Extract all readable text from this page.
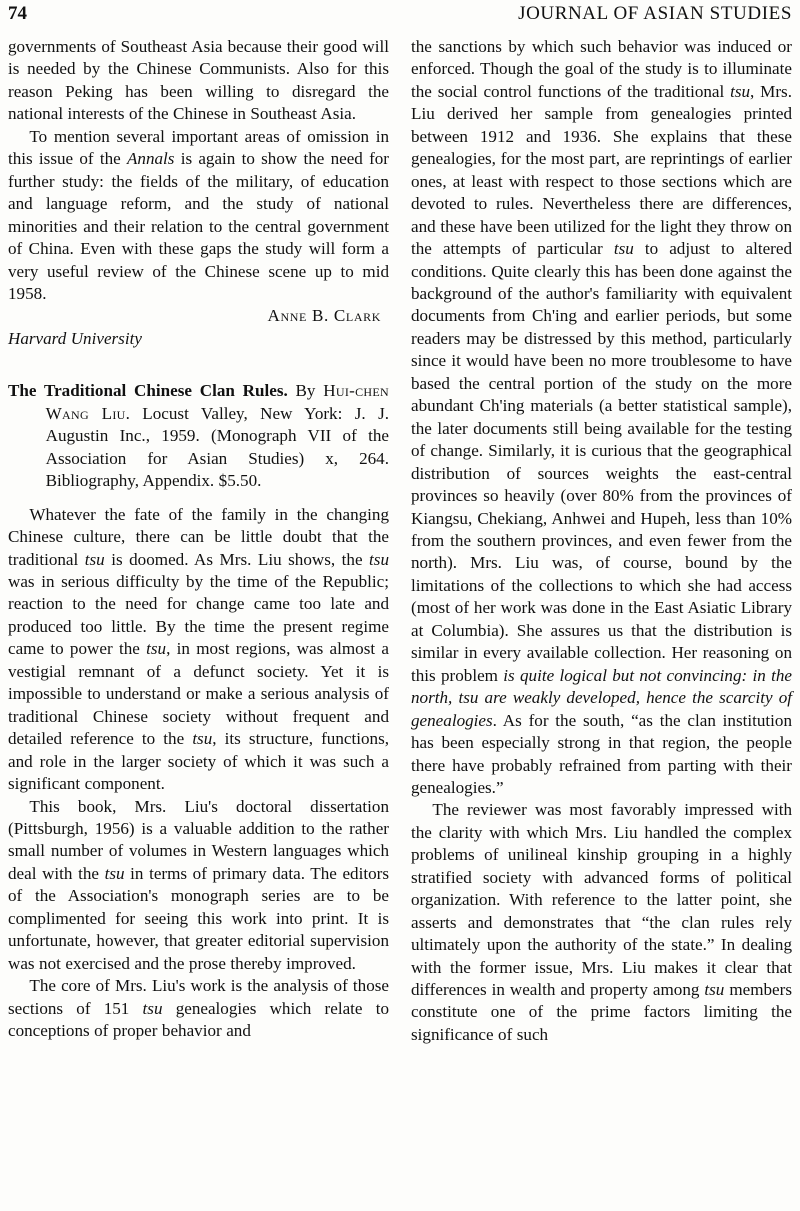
74	JOURNAL OF ASIAN STUDIES

governments of Southeast Asia because their good will is needed by the Chinese Communists. Also for this reason Peking has been willing to disregard the national interests of the Chinese in Southeast Asia.

To mention several important areas of omission in this issue of the Annals is again to show the need for further study: the fields of the military, of education and language reform, and the study of national minorities and their relation to the central government of China. Even with these gaps the study will form a very useful review of the Chinese scene up to mid 1958.

Anne B. Clark

Harvard University

The Traditional Chinese Clan Rules. By Hui-chen Wang Liu. Locust Valley, New York: J. J. Augustin Inc., 1959. (Monograph VII of the Association for Asian Studies) x, 264. Bibliography, Appendix. $5.50.

Whatever the fate of the family in the changing Chinese culture, there can be little doubt that the traditional tsu is doomed. As Mrs. Liu shows, the tsu was in serious difficulty by the time of the Republic; reaction to the need for change came too late and produced too little. By the time the present regime came to power the tsu, in most regions, was almost a vestigial remnant of a defunct society. Yet it is impossible to understand or make a serious analysis of traditional Chinese society without frequent and detailed reference to the tsu, its structure, functions, and role in the larger society of which it was such a significant component.

This book, Mrs. Liu's doctoral dissertation (Pittsburgh, 1956) is a valuable addition to the rather small number of volumes in Western languages which deal with the tsu in terms of primary data. The editors of the Association's monograph series are to be complimented for seeing this work into print. It is unfortunate, however, that greater editorial supervision was not exercised and the prose thereby improved.

The core of Mrs. Liu's work is the analysis of those sections of 151 tsu genealogies which relate to conceptions of proper behavior and

the sanctions by which such behavior was induced or enforced. Though the goal of the study is to illuminate the social control functions of the traditional tsu, Mrs. Liu derived her sample from genealogies printed between 1912 and 1936. She explains that these genealogies, for the most part, are reprintings of earlier ones, at least with respect to those sections which are devoted to rules. Nevertheless there are differences, and these have been utilized for the light they throw on the attempts of particular tsu to adjust to altered conditions. Quite clearly this has been done against the background of the author's familiarity with equivalent documents from Ch'ing and earlier periods, but some readers may be distressed by this method, particularly since it would have been no more troublesome to have based the central portion of the study on the more abundant Ch'ing materials (a better statistical sample), the later documents still being available for the testing of change. Similarly, it is curious that the geographical distribution of sources weights the east-central provinces so heavily (over 80% from the provinces of Kiangsu, Chekiang, Anhwei and Hupeh, less than 10% from the southern provinces, and even fewer from the north). Mrs. Liu was, of course, bound by the limitations of the collections to which she had access (most of her work was done in the East Asiatic Library at Columbia). She assures us that the distribution is similar in every available collection. Her reasoning on this problem is quite logical but not convincing: in the north, tsu are weakly developed, hence the scarcity of genealogies. As for the south, “as the clan institution has been especially strong in that region, the people there have probably refrained from parting with their genealogies.”

The reviewer was most favorably impressed with the clarity with which Mrs. Liu handled the complex problems of unilineal kinship grouping in a highly stratified society with advanced forms of political organization. With reference to the latter point, she asserts and demonstrates that “the clan rules rely ultimately upon the authority of the state.” In dealing with the former issue, Mrs. Liu makes it clear that differences in wealth and property among tsu members constitute one of the prime factors limiting the significance of such
